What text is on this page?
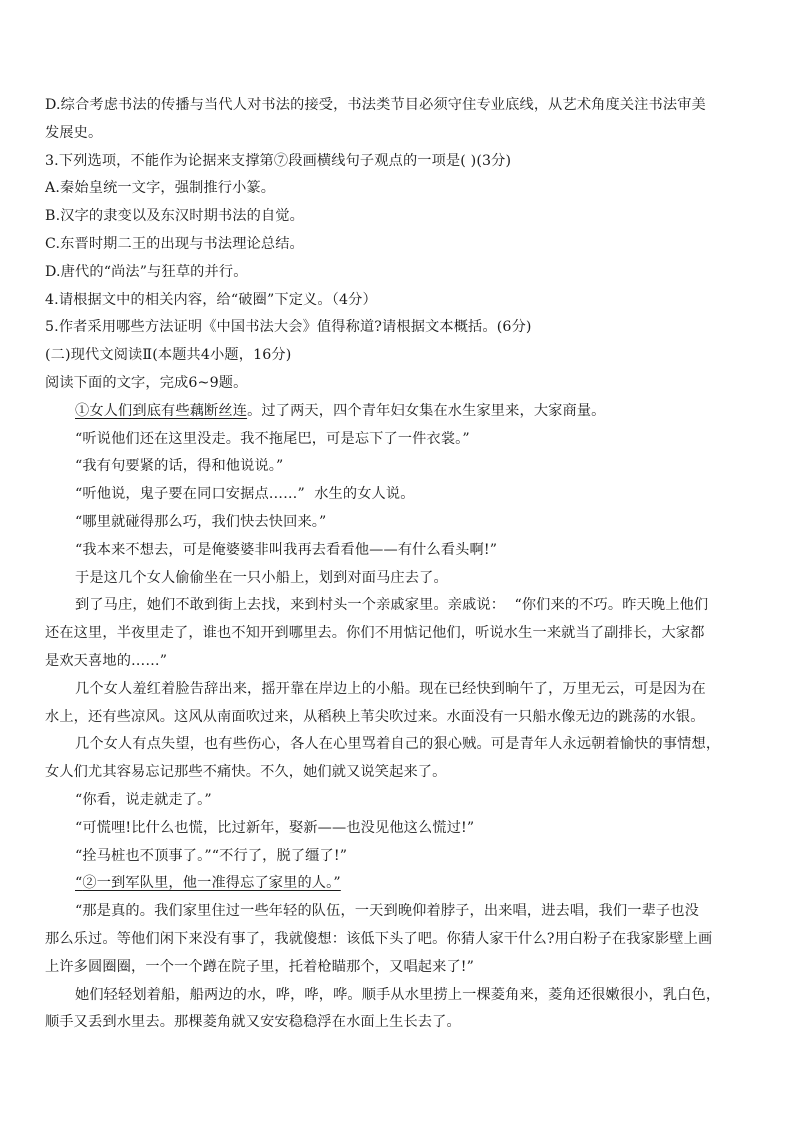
D.综合考虑书法的传播与当代人对书法的接受，书法类节目必须守住专业底线，从艺术角度关注书法审美
发展史。
3.下列选项，不能作为论据来支撑第⑦段画横线句子观点的一项是( )(3分)
A.秦始皇统一文字，强制推行小篆。
B.汉字的隶变以及东汉时期书法的自觉。
C.东晋时期二王的出现与书法理论总结。
D.唐代的“尚法”与狂草的并行。
4.请根据文中的相关内容，给“破圈”下定义。（4分）
5.作者采用哪些方法证明《中国书法大会》值得称道?请根据文本概括。(6分)
(二)现代文阅读Ⅱ(本题共4小题，16分)
阅读下面的文字，完成6~9题。
①女人们到底有些藕断丝连。过了两天，四个青年妇女集在水生家里来，大家商量。
“听说他们还在这里没走。我不拖尾巴，可是忘下了一件衣裳。”
“我有句要紧的话，得和他说说。”
“听他说，鬼子要在同口安据点……”  水生的女人说。
“哪里就碰得那么巧，我们快去快回来。”
“我本来不想去，可是俺婆婆非叫我再去看看他——有什么看头啊!”
于是这几个女人偷偷坐在一只小船上，划到对面马庄去了。
到了马庄，她们不敢到街上去找，来到村头一个亲戚家里。亲戚说：  “你们来的不巧。昨天晚上他们
还在这里，半夜里走了，谁也不知开到哪里去。你们不用惦记他们，听说水生一来就当了副排长，大家都
是欢天喜地的……”
几个女人羞红着脸告辞出来，摇开靠在岸边上的小船。现在已经快到晌午了，万里无云，可是因为在
水上，还有些凉风。这风从南面吹过来，从稻秧上苇尖吹过来。水面没有一只船水像无边的跳荡的水银。
几个女人有点失望，也有些伤心，各人在心里骂着自己的狠心贼。可是青年人永远朝着愉快的事情想，
女人们尤其容易忘记那些不痛快。不久，她们就又说笑起来了。
“你看，说走就走了。”
“可慌哩!比什么也慌，比过新年，娶新——也没见他这么慌过!”
“拴马桩也不顶事了。”“不行了，脱了缰了!”
“②一到军队里，他一准得忘了家里的人。”
“那是真的。我们家里住过一些年轻的队伍，一天到晚仰着脖子，出来唱，进去唱，我们一辈子也没
那么乐过。等他们闲下来没有事了，我就傻想：该低下头了吧。你猜人家干什么?用白粉子在我家影壁上画
上许多圆圈圈，一个一个蹲在院子里，托着枪瞄那个，又唱起来了!”
她们轻轻划着船，船两边的水，哗，哗，哗。顺手从水里捞上一棵菱角来，菱角还很嫩很小，乳白色，
顺手又丢到水里去。那棵菱角就又安安稳稳浮在水面上生长去了。
